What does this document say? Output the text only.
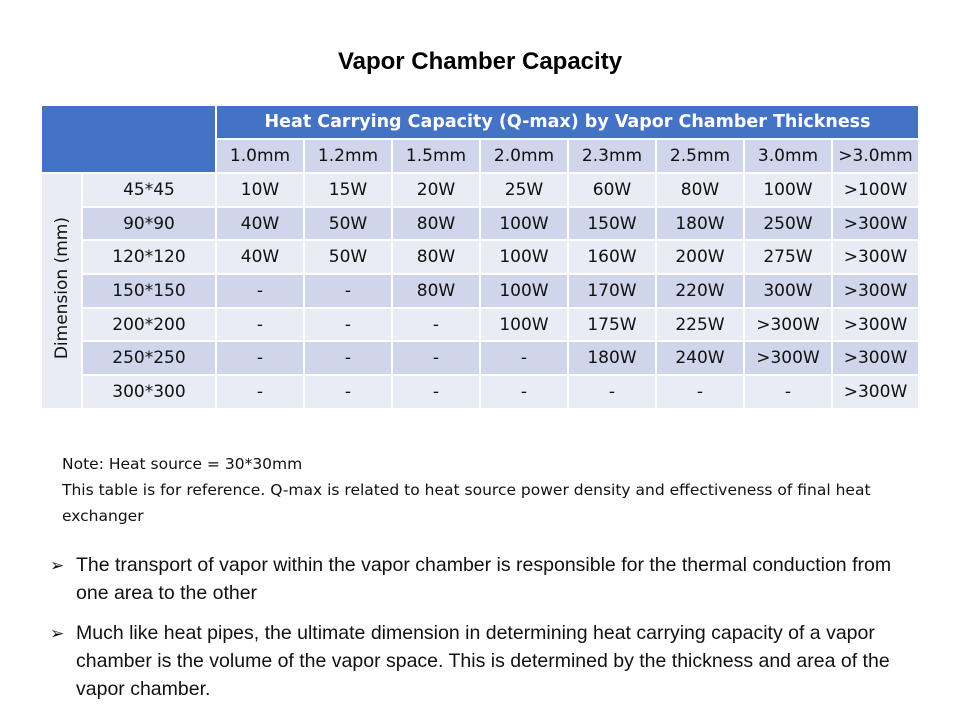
Vapor Chamber Capacity
		Heat Carrying Capacity (Q-max) by Vapor Chamber Thickness							
		1.0mm	1.2mm	1.5mm	2.0mm	2.3mm	2.5mm	3.0mm	>3.0mm
Dimension (mm)	45*45	10W	15W	20W	25W	60W	80W	100W	>100W
	90*90	40W	50W	80W	100W	150W	180W	250W	>300W
	120*120	40W	50W	80W	100W	160W	200W	275W	>300W
	150*150	-	-	80W	100W	170W	220W	300W	>300W
	200*200	-	-	-	100W	175W	225W	>300W	>300W
	250*250	-	-	-	-	180W	240W	>300W	>300W
	300*300	-	-	-	-	-	-	-	>300W
Note: Heat source = 30*30mm
This table is for reference. Q-max is related to heat source power density and effectiveness of final heat exchanger
➢ The transport of vapor within the vapor chamber is responsible for the thermal conduction from one area to the other
➢ Much like heat pipes, the ultimate dimension in determining heat carrying capacity of a vapor chamber is the volume of the vapor space. This is determined by the thickness and area of the vapor chamber.
